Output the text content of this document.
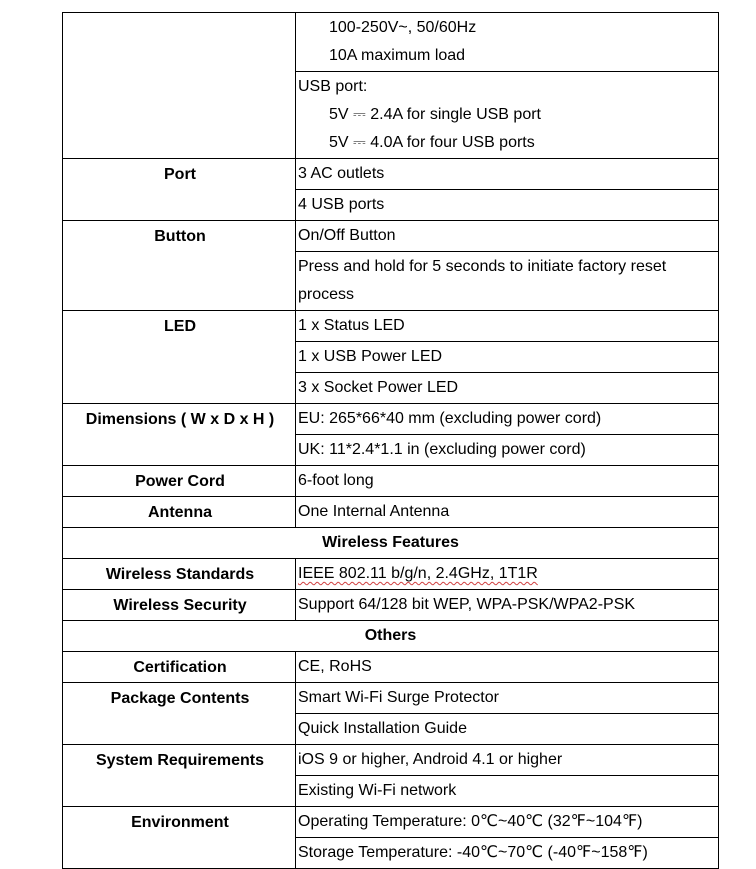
	100-250V~, 50/60Hz
10A maximum load

	USB port:
5V ⎓ 2.4A for single USB port
5V ⎓ 4.0A for four USB ports

Port	3 AC outlets
	4 USB ports
Button	On/Off Button
	Press and hold for 5 seconds to initiate factory reset process
LED	1 x Status LED
	1 x USB Power LED
	3 x Socket Power LED
Dimensions ( W x D x H )	EU: 265*66*40 mm (excluding power cord)
	UK: 11*2.4*1.1 in (excluding power cord)
Power Cord	6-foot long
Antenna	One Internal Antenna
Wireless Features	
Wireless Standards	IEEE 802.11 b/g/n, 2.4GHz, 1T1R
Wireless Security	Support 64/128 bit WEP, WPA-PSK/WPA2-PSK
Others	
Certification	CE, RoHS
Package Contents	Smart Wi-Fi Surge Protector
	Quick Installation Guide
System Requirements	iOS 9 or higher, Android 4.1 or higher
	Existing Wi-Fi network
Environment	Operating Temperature: 0℃~40℃ (32℉~104℉)
	Storage Temperature: -40℃~70℃ (-40℉~158℉)
